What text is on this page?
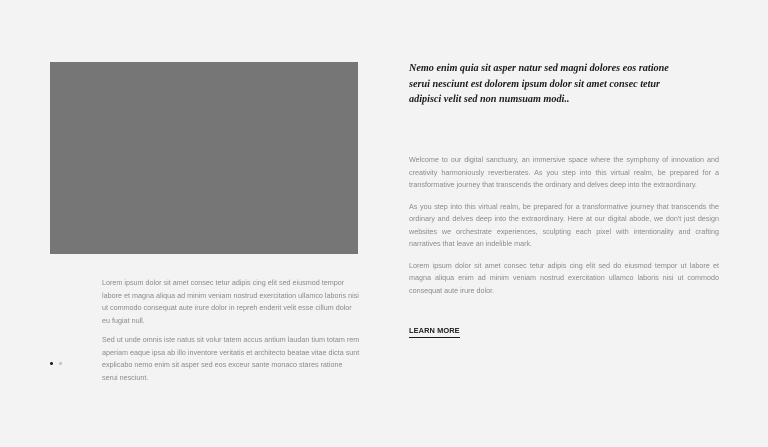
Nemo enim quia sit asper natur sed magni dolores eos ratione serui nesciunt est dolorem ipsum dolor sit amet consec tetur adipisci velit sed non numsuam modi..

Welcome to our digital sanctuary, an immersive space where the symphony of innovation and creativity harmoniously reverberates. As you step into this virtual realm, be prepared for a transformative journey that transcends the ordinary and delves deep into the extraordinary.

As you step into this virtual realm, be prepared for a transformative journey that transcends the ordinary and delves deep into the extraordinary. Here at our digital abode, we don't just design websites we orchestrate experiences, sculpting each pixel with intentionality and crafting narratives that leave an indelible mark.

Lorem ipsum dolor sit amet consec tetur adipis cing elit sed do eiusmod tempor ut labore et magna aliqua enim ad minim veniam nostrud exercitation ullamco laboris nisi ut commodo consequat aute irure dolor.

LEARN MORE

Lorem ipsum dolor sit amet consec tetur adipis cing elit sed eiusmod tempor labore et magna aliqua ad minim veniam nostrud exercitation ullamco laboris nisi ut commodo consequat aute irure dolor in repreh enderit velit esse cillum dolor eu fugiat null.

Sed ut unde omnis iste natus sit volur tatem accus antium laudan tium totam rem aperiam eaque ipsa ab illo inventore veritatis et architecto beatae vitae dicta sunt explicabo nemo enim sit asper sed eos exceur sante monaco stares ratione serui nesciunt.
